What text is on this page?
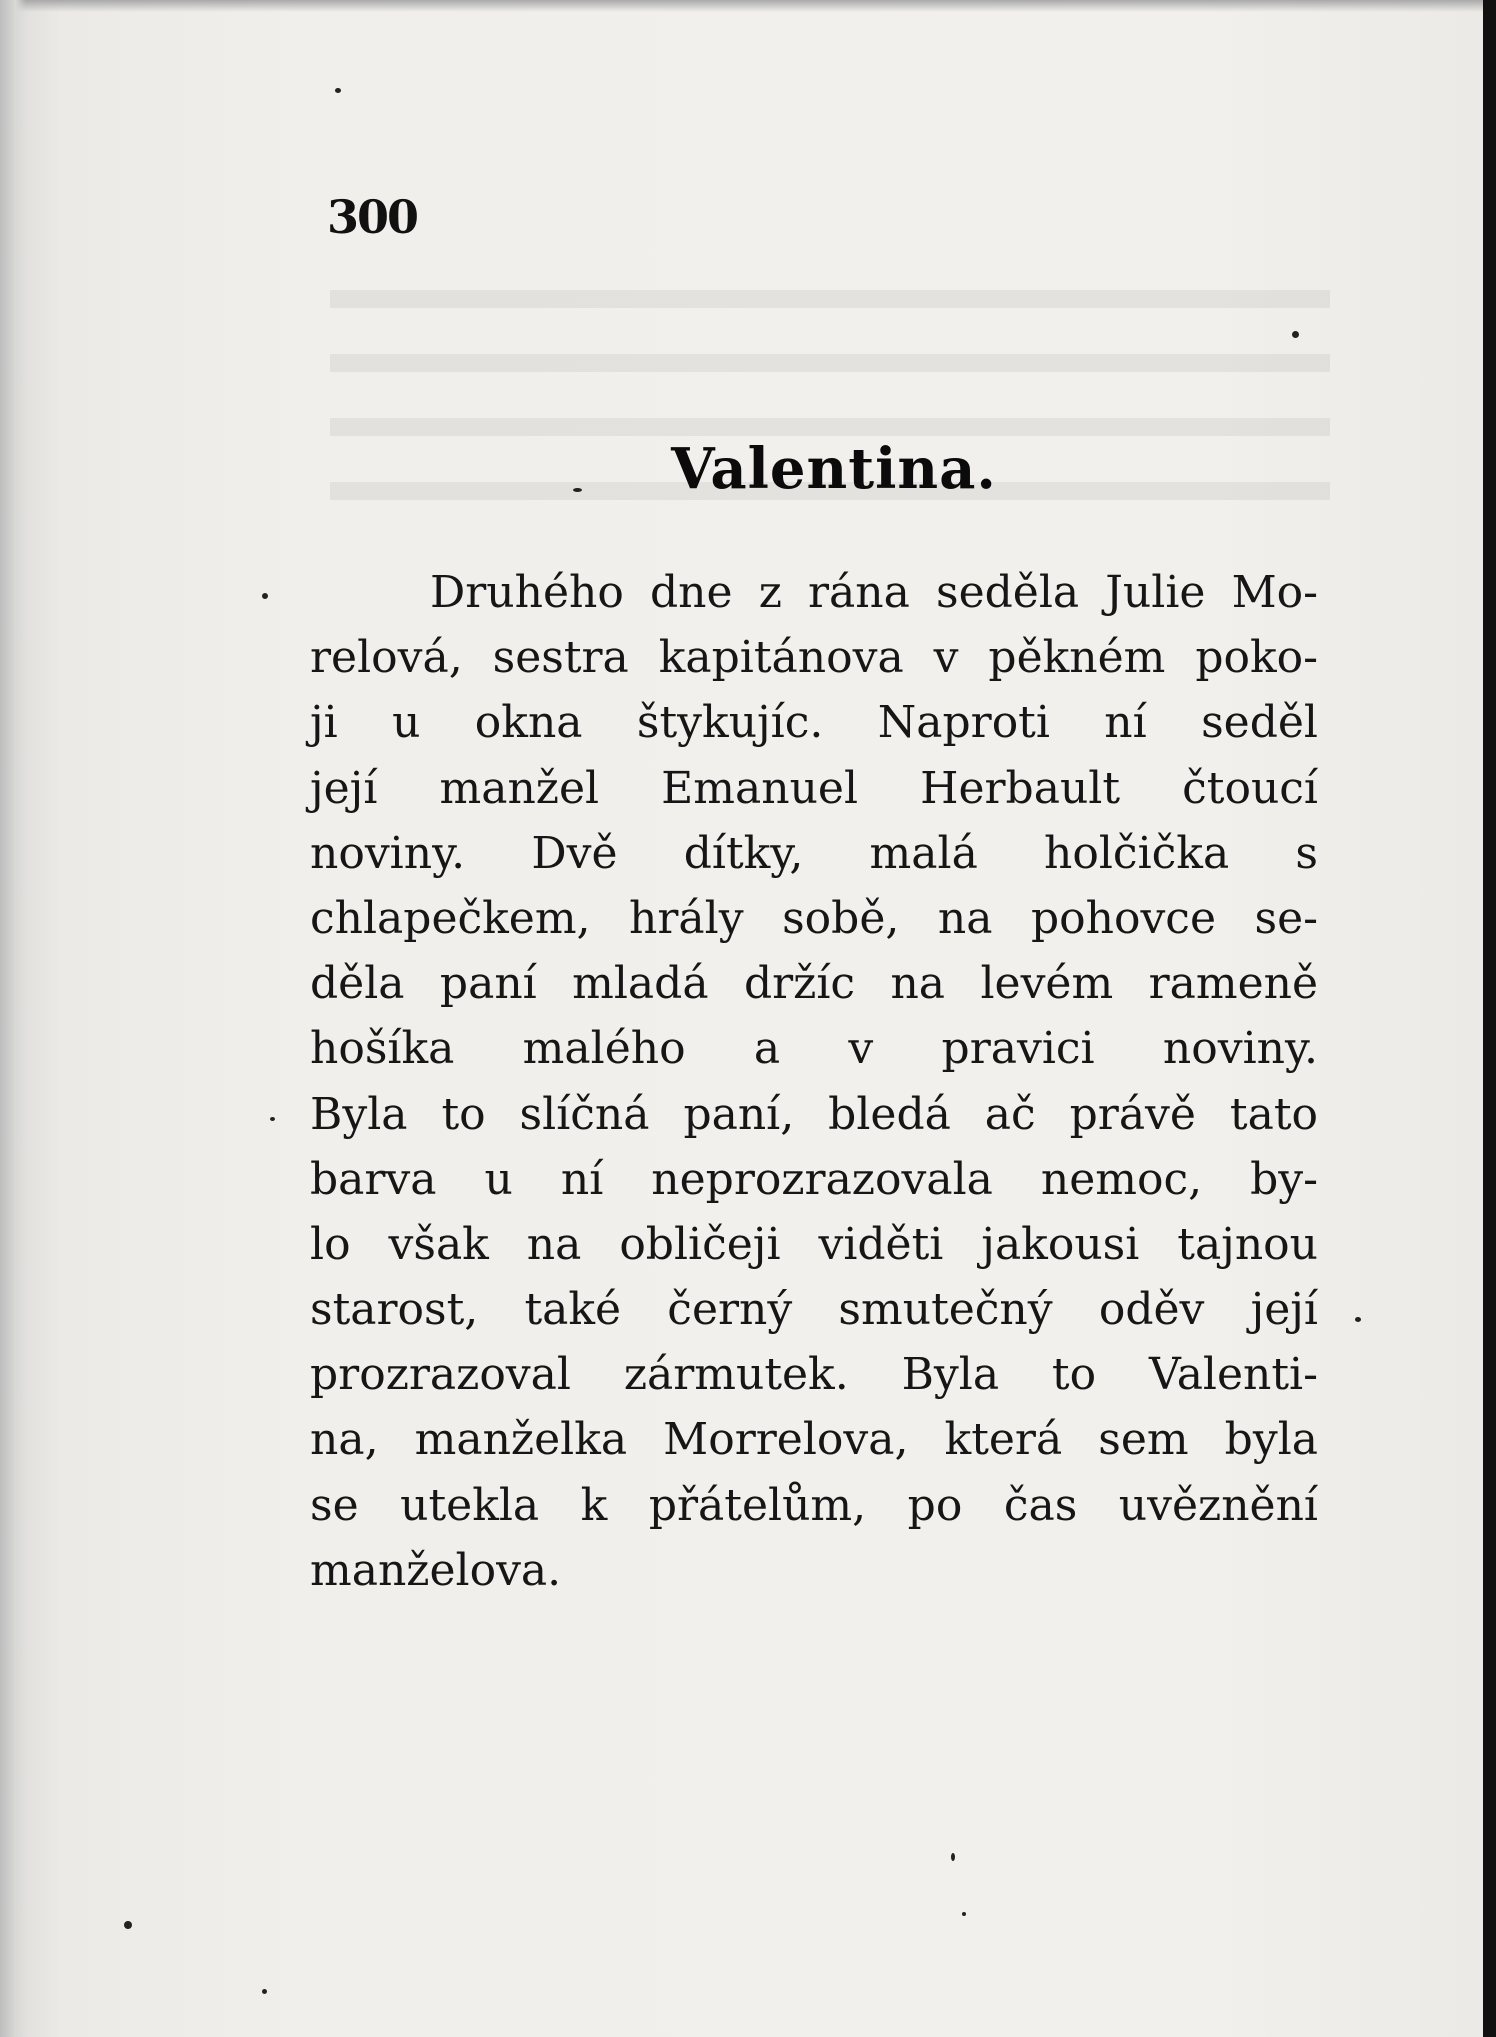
300
Valentina.
Druhého dne z rána seděla Julie Mo-
relová, sestra kapitánova v pěkném poko-
ji u okna štykujíc. Naproti ní seděl
její manžel Emanuel Herbault čtoucí
noviny. Dvě dítky, malá holčička s
chlapečkem, hrály sobě, na pohovce se-
děla paní mladá držíc na levém rameně
hošíka malého a v pravici noviny.
Byla to slíčná paní, bledá ač právě tato
barva u ní neprozrazovala nemoc, by-
lo však na obličeji viděti jakousi tajnou
starost, také černý smutečný oděv její
prozrazoval zármutek. Byla to Valenti-
na, manželka Morrelova, která sem byla
se utekla k přátelům, po čas uvěznění
manželova.
